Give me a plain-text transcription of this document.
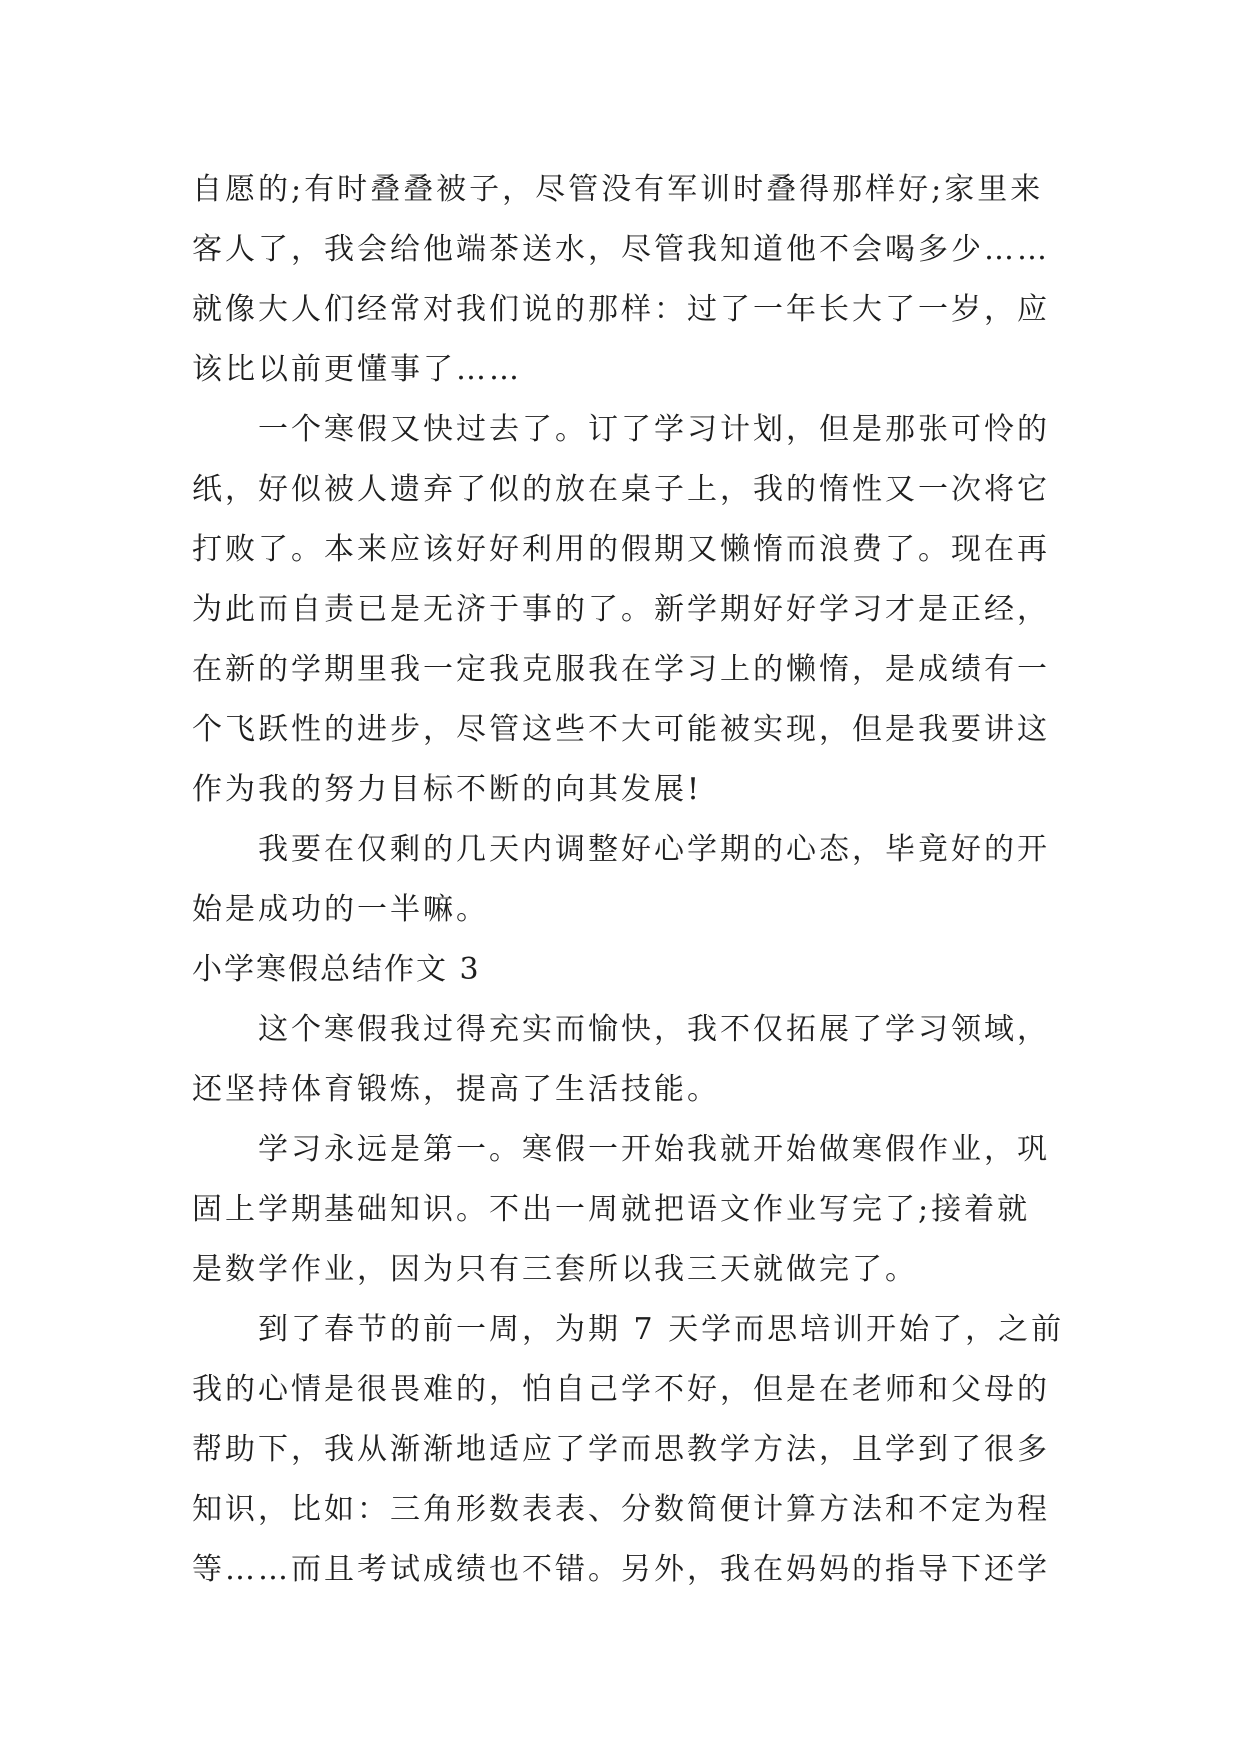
自愿的;有时叠叠被子，尽管没有军训时叠得那样好;家里来
客人了，我会给他端茶送水，尽管我知道他不会喝多少……
就像大人们经常对我们说的那样：过了一年长大了一岁，应
该比以前更懂事了……
一个寒假又快过去了。订了学习计划，但是那张可怜的
纸，好似被人遗弃了似的放在桌子上，我的惰性又一次将它
打败了。本来应该好好利用的假期又懒惰而浪费了。现在再
为此而自责已是无济于事的了。新学期好好学习才是正经，
在新的学期里我一定我克服我在学习上的懒惰，是成绩有一
个飞跃性的进步，尽管这些不大可能被实现，但是我要讲这
作为我的努力目标不断的向其发展!
我要在仅剩的几天内调整好心学期的心态，毕竟好的开
始是成功的一半嘛。
小学寒假总结作文 3
这个寒假我过得充实而愉快，我不仅拓展了学习领域，
还坚持体育锻炼，提高了生活技能。
学习永远是第一。寒假一开始我就开始做寒假作业，巩
固上学期基础知识。不出一周就把语文作业写完了;接着就
是数学作业，因为只有三套所以我三天就做完了。
到了春节的前一周，为期 7 天学而思培训开始了，之前
我的心情是很畏难的，怕自己学不好，但是在老师和父母的
帮助下，我从渐渐地适应了学而思教学方法，且学到了很多
知识，比如：三角形数表表、分数简便计算方法和不定为程
等……而且考试成绩也不错。另外，我在妈妈的指导下还学
